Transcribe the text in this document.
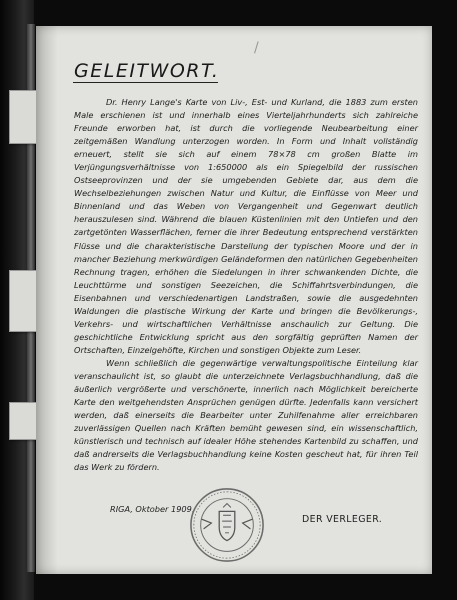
/
GELEITWORT.

Dr. Henry Lange's Karte von Liv-, Est- und Kurland, die 1883 zum ersten Male erschienen ist und innerhalb eines Vierteljahrhunderts sich zahlreiche Freunde erworben hat, ist durch die vorliegende Neubearbeitung einer zeitgemäßen Wandlung unterzogen worden. In Form und Inhalt vollständig erneuert, stellt sie sich auf einem 78×78 cm großen Blatte im Verjüngungsverhältnisse von 1:650000 als ein Spiegelbild der russischen Ostseeprovinzen und der sie umgebenden Gebiete dar, aus dem die Wechselbeziehungen zwischen Natur und Kultur, die Einflüsse von Meer und Binnenland und das Weben von Vergangenheit und Gegenwart deutlich herauszulesen sind. Während die blauen Küstenlinien mit den Untiefen und den zartgetönten Wasserflächen, ferner die ihrer Bedeutung entsprechend verstärkten Flüsse und die charakteristische Darstellung der typischen Moore und der in mancher Beziehung merkwürdigen Geländeformen den natürlichen Gegebenheiten Rechnung tragen, erhöhen die Siedelungen in ihrer schwankenden Dichte, die Leuchttürme und sonstigen Seezeichen, die Schiffahrtsverbindungen, die Eisenbahnen und verschiedenartigen Landstraßen, sowie die ausgedehnten Waldungen die plastische Wirkung der Karte und bringen die Bevölkerungs-, Verkehrs- und wirtschaftlichen Verhältnisse anschaulich zur Geltung. Die geschichtliche Entwicklung spricht aus den sorgfältig geprüften Namen der Ortschaften, Einzelgehöfte, Kirchen und sonstigen Objekte zum Leser.

Wenn schließlich die gegenwärtige verwaltungspolitische Einteilung klar veranschaulicht ist, so glaubt die unterzeichnete Verlagsbuchhandlung, daß die äußerlich vergrößerte und verschönerte, innerlich nach Möglichkeit bereicherte Karte den weitgehendsten Ansprüchen genügen dürfte. Jedenfalls kann versichert werden, daß einerseits die Bearbeiter unter Zuhilfenahme aller erreichbaren zuverlässigen Quellen nach Kräften bemüht gewesen sind, ein wissenschaftlich, künstlerisch und technisch auf idealer Höhe stehendes Kartenbild zu schaffen, und daß andrerseits die Verlagsbuchhandlung keine Kosten gescheut hat, für ihren Teil das Werk zu fördern.

RIGA, Oktober 1909.
DER VERLEGER.
